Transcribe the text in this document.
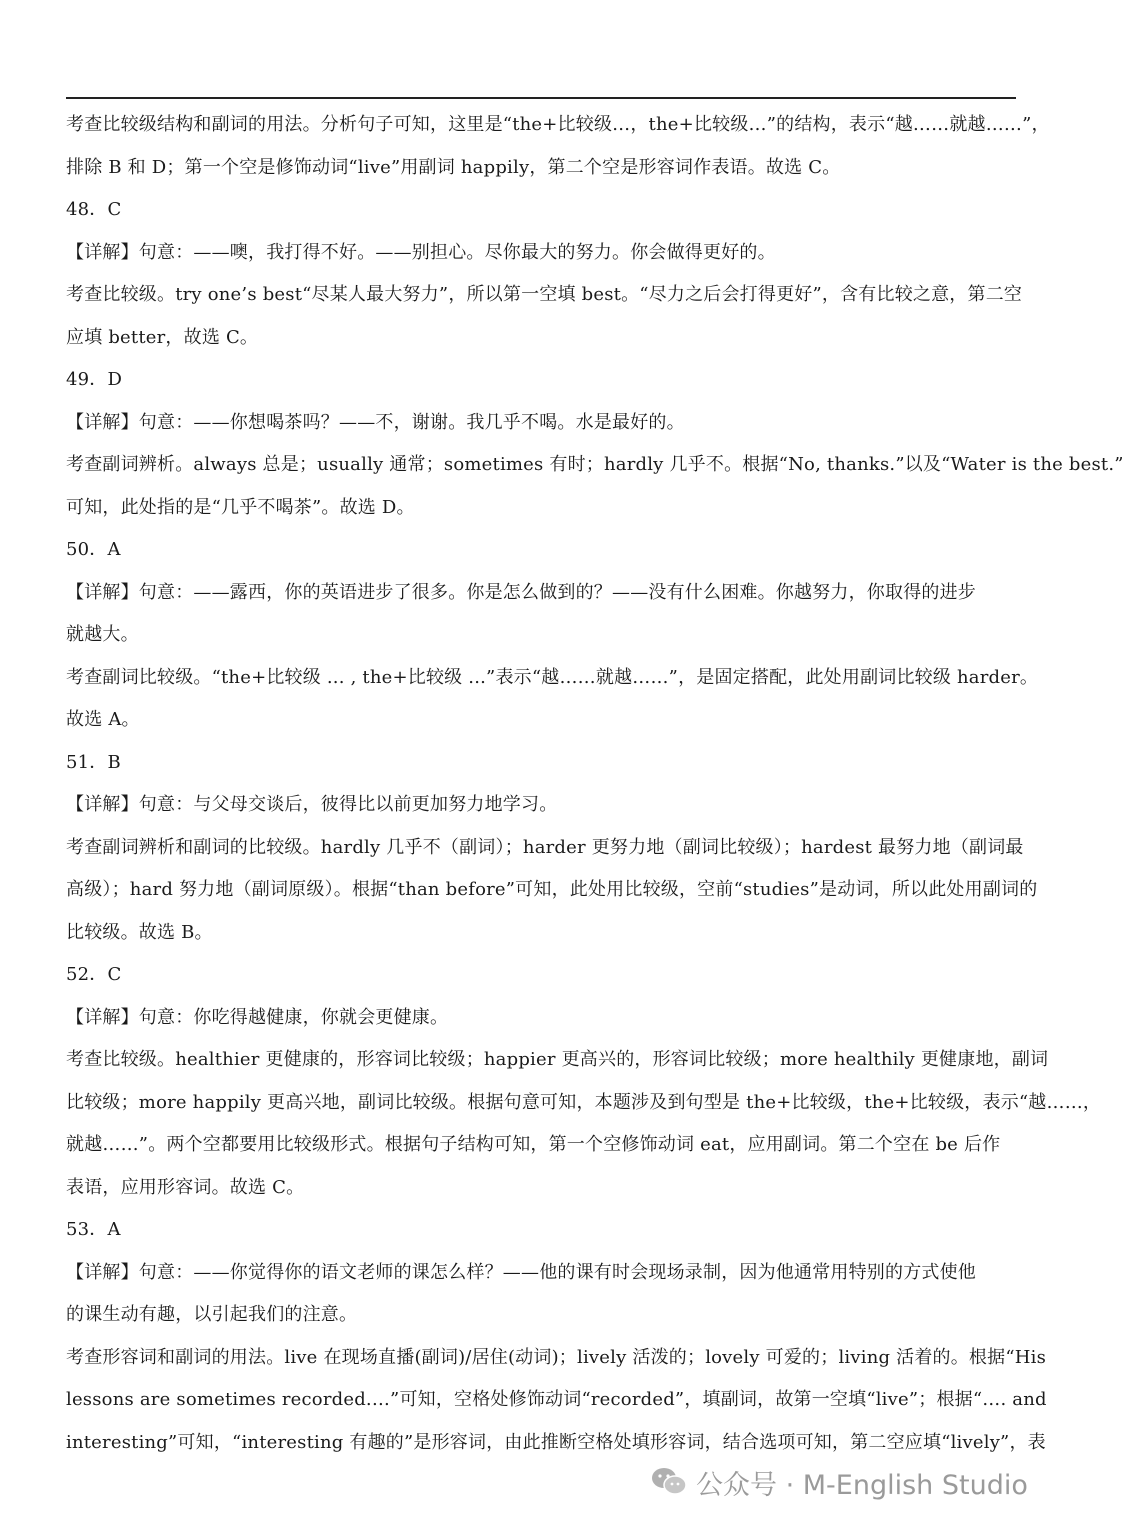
考查比较级结构和副词的用法。分析句子可知，这里是“the+比较级…，the+比较级…”的结构，表示“越……就越……”，
排除 B 和 D；第一个空是修饰动词“live”用副词 happily，第二个空是形容词作表语。故选 C。
48．C
【详解】句意：——噢，我打得不好。——别担心。尽你最大的努力。你会做得更好的。
考查比较级。try one’s best“尽某人最大努力”，所以第一空填 best。“尽力之后会打得更好”，含有比较之意，第二空
应填 better，故选 C。
49．D
【详解】句意：——你想喝茶吗？——不，谢谢。我几乎不喝。水是最好的。
考查副词辨析。always 总是；usually 通常；sometimes 有时；hardly 几乎不。根据“No, thanks.”以及“Water is the best.”
可知，此处指的是“几乎不喝茶”。故选 D。
50．A
【详解】句意：——露西，你的英语进步了很多。你是怎么做到的？——没有什么困难。你越努力，你取得的进步
就越大。
考查副词比较级。“the+比较级 ... , the+比较级 ...”表示“越……就越……”，是固定搭配，此处用副词比较级 harder。
故选 A。
51．B
【详解】句意：与父母交谈后，彼得比以前更加努力地学习。
考查副词辨析和副词的比较级。hardly 几乎不（副词）；harder 更努力地（副词比较级）；hardest 最努力地（副词最
高级）；hard 努力地（副词原级）。根据“than before”可知，此处用比较级，空前“studies”是动词，所以此处用副词的
比较级。故选 B。
52．C
【详解】句意：你吃得越健康，你就会更健康。
考查比较级。healthier 更健康的，形容词比较级；happier 更高兴的，形容词比较级；more healthily 更健康地，副词
比较级；more happily 更高兴地，副词比较级。根据句意可知，本题涉及到句型是 the+比较级，the+比较级，表示“越……，
就越……”。两个空都要用比较级形式。根据句子结构可知，第一个空修饰动词 eat，应用副词。第二个空在 be 后作
表语，应用形容词。故选 C。
53．A
【详解】句意：——你觉得你的语文老师的课怎么样？——他的课有时会现场录制，因为他通常用特别的方式使他
的课生动有趣，以引起我们的注意。
考查形容词和副词的用法。live 在现场直播(副词)/居住(动词)；lively 活泼的；lovely 可爱的；living 活着的。根据“His
lessons are sometimes recorded.…”可知，空格处修饰动词“recorded”，填副词，故第一空填“live”；根据“…. and
interesting”可知，“interesting 有趣的”是形容词，由此推断空格处填形容词，结合选项可知，第二空应填“lively”，表
公众号 · M-English Studio
